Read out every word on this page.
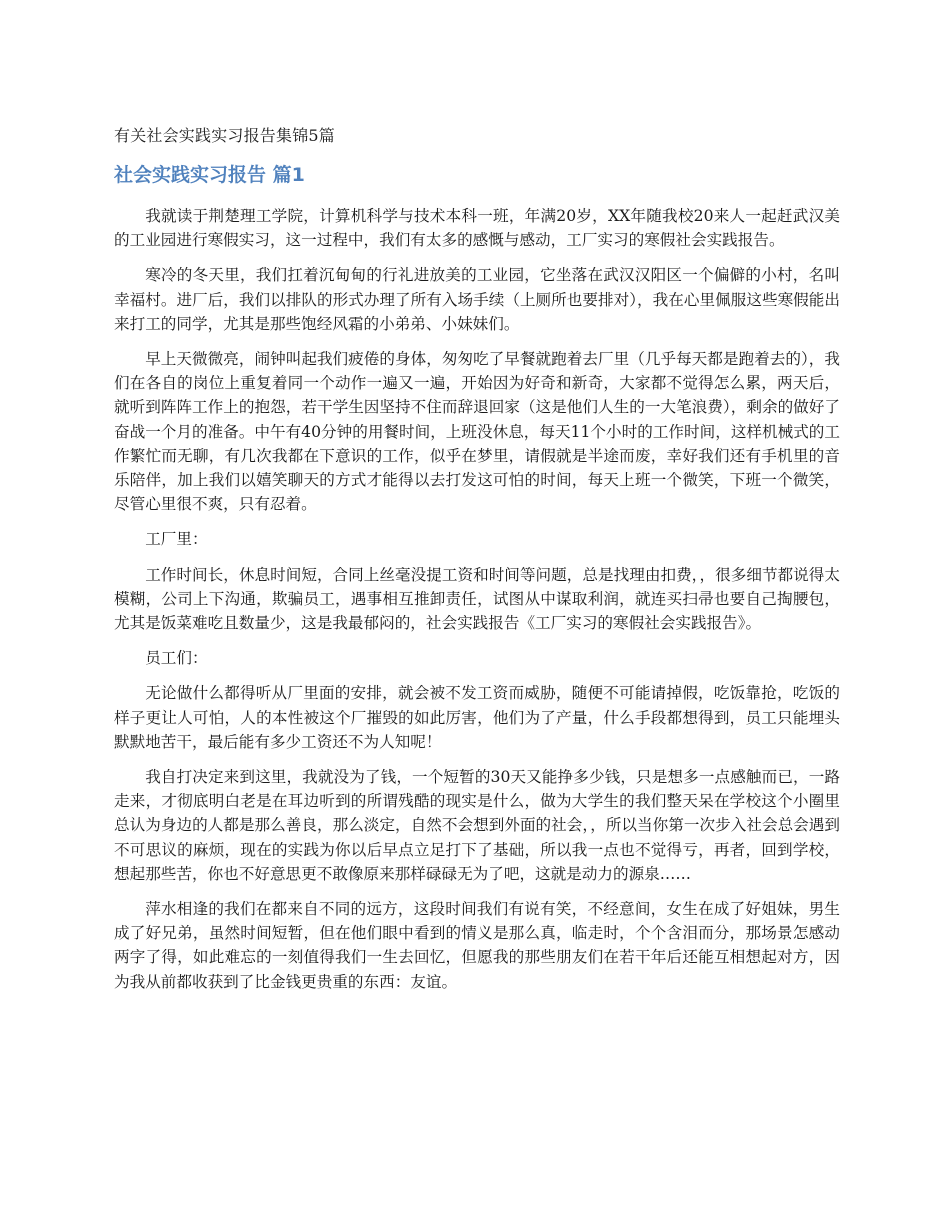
有关社会实践实习报告集锦5篇
社会实践实习报告 篇1

我就读于荆楚理工学院，计算机科学与技术本科一班，年满20岁，XX年随我校20来人一起赶武汉美的工业园进行寒假实习，这一过程中，我们有太多的感慨与感动，工厂实习的寒假社会实践报告。

寒冷的冬天里，我们扛着沉甸甸的行礼进放美的工业园，它坐落在武汉汉阳区一个偏僻的小村，名叫幸福村。进厂后，我们以排队的形式办理了所有入场手续（上厕所也要排对），我在心里佩服这些寒假能出来打工的同学，尤其是那些饱经风霜的小弟弟、小妹妹们。

早上天微微亮，闹钟叫起我们疲倦的身体，匆匆吃了早餐就跑着去厂里（几乎每天都是跑着去的），我们在各自的岗位上重复着同一个动作一遍又一遍，开始因为好奇和新奇，大家都不觉得怎么累，两天后，就听到阵阵工作上的抱怨，若干学生因坚持不住而辞退回家（这是他们人生的一大笔浪费），剩余的做好了奋战一个月的准备。中午有40分钟的用餐时间，上班没休息，每天11个小时的工作时间，这样机械式的工作繁忙而无聊，有几次我都在下意识的工作，似乎在梦里，请假就是半途而废，幸好我们还有手机里的音乐陪伴，加上我们以嬉笑聊天的方式才能得以去打发这可怕的时间，每天上班一个微笑，下班一个微笑，尽管心里很不爽，只有忍着。

工厂里：

工作时间长，休息时间短，合同上丝毫没提工资和时间等问题，总是找理由扣费，，很多细节都说得太模糊，公司上下沟通，欺骗员工，遇事相互推卸责任，试图从中谋取利润，就连买扫帚也要自己掏腰包，尤其是饭菜难吃且数量少，这是我最郁闷的，社会实践报告《工厂实习的寒假社会实践报告》。

员工们：

无论做什么都得听从厂里面的安排，就会被不发工资而威胁，随便不可能请掉假，吃饭靠抢，吃饭的样子更让人可怕，人的本性被这个厂摧毁的如此厉害，他们为了产量，什么手段都想得到，员工只能埋头默默地苦干，最后能有多少工资还不为人知呢！

我自打决定来到这里，我就没为了钱，一个短暂的30天又能挣多少钱，只是想多一点感触而已，一路走来，才彻底明白老是在耳边听到的所谓残酷的现实是什么，做为大学生的我们整天呆在学校这个小圈里总认为身边的人都是那么善良，那么淡定，自然不会想到外面的社会，，所以当你第一次步入社会总会遇到不可思议的麻烦，现在的实践为你以后早点立足打下了基础，所以我一点也不觉得亏，再者，回到学校，想起那些苦，你也不好意思更不敢像原来那样碌碌无为了吧，这就是动力的源泉……

萍水相逢的我们在都来自不同的远方，这段时间我们有说有笑，不经意间，女生在成了好姐妹，男生成了好兄弟，虽然时间短暂，但在他们眼中看到的情义是那么真，临走时，个个含泪而分，那场景怎感动两字了得，如此难忘的一刻值得我们一生去回忆，但愿我的那些朋友们在若干年后还能互相想起对方，因为我从前都收获到了比金钱更贵重的东西：友谊。
